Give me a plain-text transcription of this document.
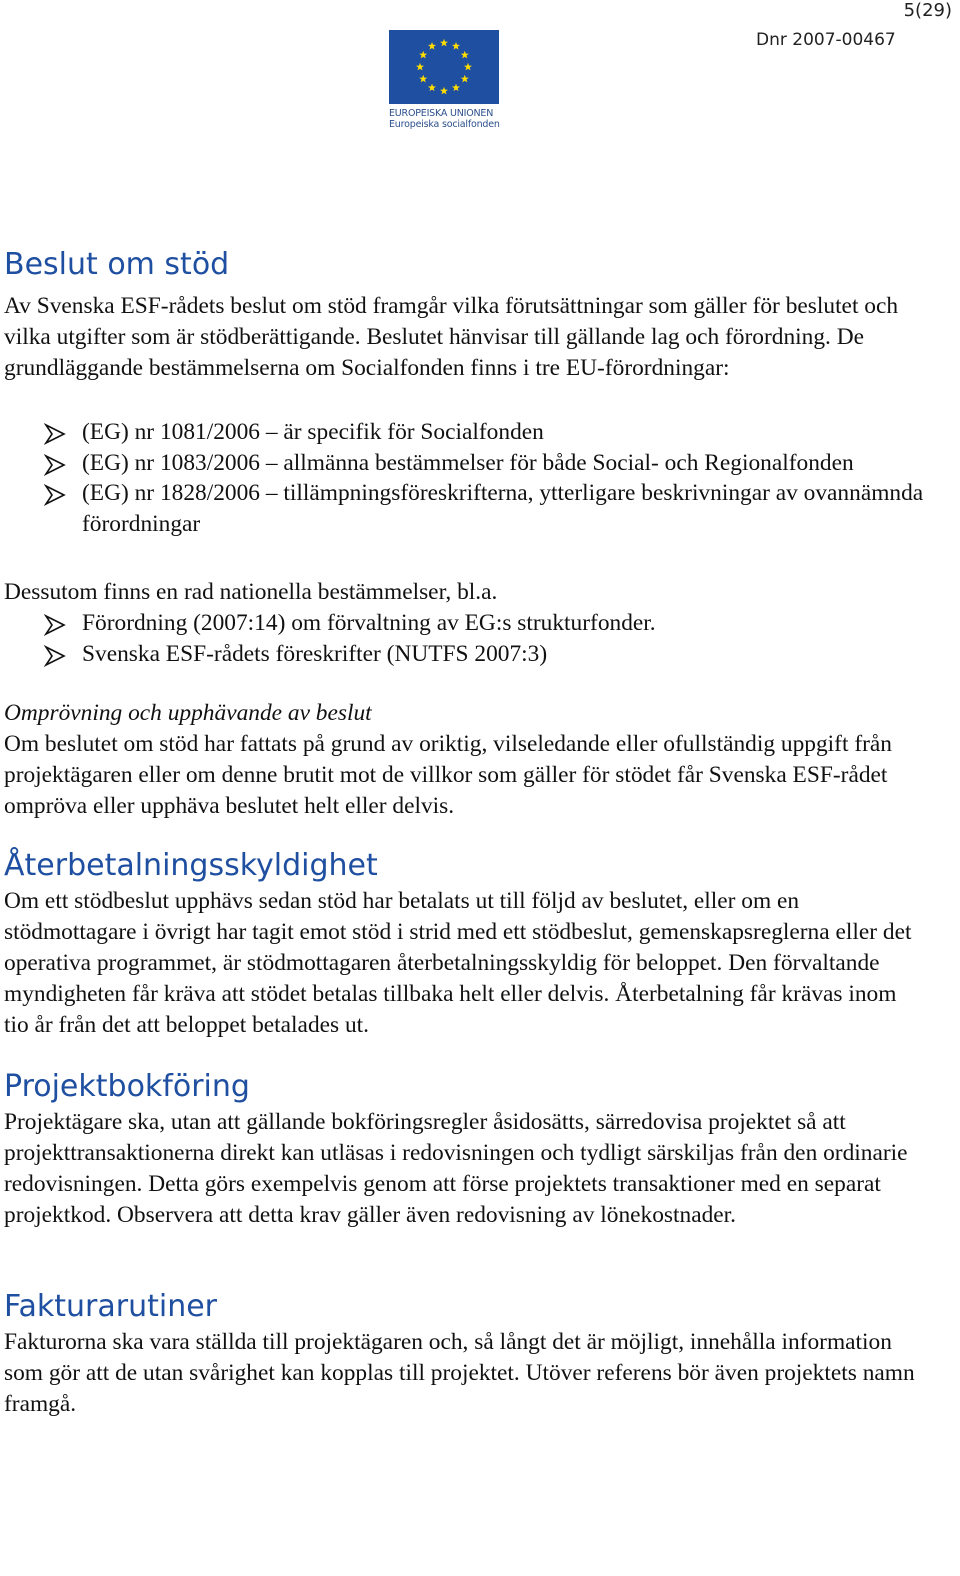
5(29)
Dnr 2007-00467
EUROPEISKA UNIONEN
Europeiska socialfonden
Beslut om stöd

Av Svenska ESF-rådets beslut om stöd framgår vilka förutsättningar som gäller för beslutet och vilka utgifter som är stödberättigande. Beslutet hänvisar till gällande lag och förordning. De grundläggande bestämmelserna om Socialfonden finns i tre EU-förordningar:

(EG) nr 1081/2006 – är specifik för Socialfonden
(EG) nr 1083/2006 – allmänna bestämmelser för både Social- och Regionalfonden
(EG) nr 1828/2006 – tillämpningsföreskrifterna, ytterligare beskrivningar av ovannämnda förordningar

Dessutom finns en rad nationella bestämmelser, bl.a.

Förordning (2007:14) om förvaltning av EG:s strukturfonder.
Svenska ESF-rådets föreskrifter (NUTFS 2007:3)
Omprövning och upphävande av beslut

Om beslutet om stöd har fattats på grund av oriktig, vilseledande eller ofullständig uppgift från projektägaren eller om denne brutit mot de villkor som gäller för stödet får Svenska ESF-rådet ompröva eller upphäva beslutet helt eller delvis.

Återbetalningsskyldighet

Om ett stödbeslut upphävs sedan stöd har betalats ut till följd av beslutet, eller om en stödmottagare i övrigt har tagit emot stöd i strid med ett stödbeslut, gemenskapsreglerna eller det operativa programmet, är stödmottagaren återbetalningsskyldig för beloppet. Den förvaltande myndigheten får kräva att stödet betalas tillbaka helt eller delvis. Återbetalning får krävas inom tio år från det att beloppet betalades ut.

Projektbokföring

Projektägare ska, utan att gällande bokföringsregler åsidosätts, särredovisa projektet så att projekttransaktionerna direkt kan utläsas i redovisningen och tydligt särskiljas från den ordinarie redovisningen. Detta görs exempelvis genom att förse projektets transaktioner med en separat projektkod. Observera att detta krav gäller även redovisning av lönekostnader.

Fakturarutiner

Fakturorna ska vara ställda till projektägaren och, så långt det är möjligt, innehålla information som gör att de utan svårighet kan kopplas till projektet. Utöver referens bör även projektets namn framgå.
